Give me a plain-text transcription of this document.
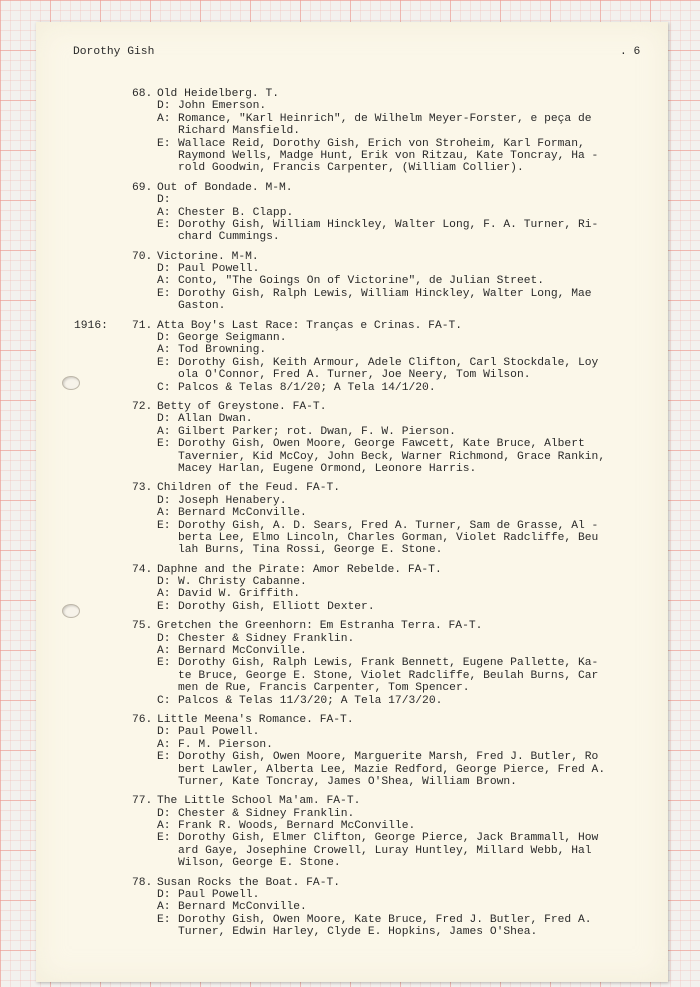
Dorothy Gish	. 6
68. Old Heidelberg. T.
D: John Emerson.
A: Romance, "Karl Heinrich", de Wilhelm Meyer-Forster, e peça de
Richard Mansfield.
E: Wallace Reid, Dorothy Gish, Erich von Stroheim, Karl Forman,
Raymond Wells, Madge Hunt, Erik von Ritzau, Kate Toncray, Ha -
rold Goodwin, Francis Carpenter, (William Collier).
69. Out of Bondade. M-M.
D:
A: Chester B. Clapp.
E: Dorothy Gish, William Hinckley, Walter Long, F. A. Turner, Ri-
chard Cummings.
70. Victorine. M-M.
D: Paul Powell.
A: Conto, "The Goings On of Victorine", de Julian Street.
E: Dorothy Gish, Ralph Lewis, William Hinckley, Walter Long, Mae
Gaston.
1916:	71. Atta Boy's Last Race: Tranças e Crinas. FA-T.
D: George Seigmann.
A: Tod Browning.
E: Dorothy Gish, Keith Armour, Adele Clifton, Carl Stockdale, Loy
ola O'Connor, Fred A. Turner, Joe Neery, Tom Wilson.
C: Palcos & Telas 8/1/20; A Tela 14/1/20.
72. Betty of Greystone. FA-T.
D: Allan Dwan.
A: Gilbert Parker; rot. Dwan, F. W. Pierson.
E: Dorothy Gish, Owen Moore, George Fawcett, Kate Bruce, Albert
Tavernier, Kid McCoy, John Beck, Warner Richmond, Grace Rankin,
Macey Harlan, Eugene Ormond, Leonore Harris.
73. Children of the Feud. FA-T.
D: Joseph Henabery.
A: Bernard McConville.
E: Dorothy Gish, A. D. Sears, Fred A. Turner, Sam de Grasse, Al -
berta Lee, Elmo Lincoln, Charles Gorman, Violet Radcliffe, Beu
lah Burns, Tina Rossi, George E. Stone.
74. Daphne and the Pirate: Amor Rebelde. FA-T.
D: W. Christy Cabanne.
A: David W. Griffith.
E: Dorothy Gish, Elliott Dexter.
75. Gretchen the Greenhorn: Em Estranha Terra. FA-T.
D: Chester & Sidney Franklin.
A: Bernard McConville.
E: Dorothy Gish, Ralph Lewis, Frank Bennett, Eugene Pallette, Ka-
te Bruce, George E. Stone, Violet Radcliffe, Beulah Burns, Car
men de Rue, Francis Carpenter, Tom Spencer.
C: Palcos & Telas 11/3/20; A Tela 17/3/20.
76. Little Meena's Romance. FA-T.
D: Paul Powell.
A: F. M. Pierson.
E: Dorothy Gish, Owen Moore, Marguerite Marsh, Fred J. Butler, Ro
bert Lawler, Alberta Lee, Mazie Redford, George Pierce, Fred A.
Turner, Kate Toncray, James O'Shea, William Brown.
77. The Little School Ma'am. FA-T.
D: Chester & Sidney Franklin.
A: Frank R. Woods, Bernard McConville.
E: Dorothy Gish, Elmer Clifton, George Pierce, Jack Brammall, How
ard Gaye, Josephine Crowell, Luray Huntley, Millard Webb, Hal
Wilson, George E. Stone.
78. Susan Rocks the Boat. FA-T.
D: Paul Powell.
A: Bernard McConville.
E: Dorothy Gish, Owen Moore, Kate Bruce, Fred J. Butler, Fred A.
Turner, Edwin Harley, Clyde E. Hopkins, James O'Shea.
